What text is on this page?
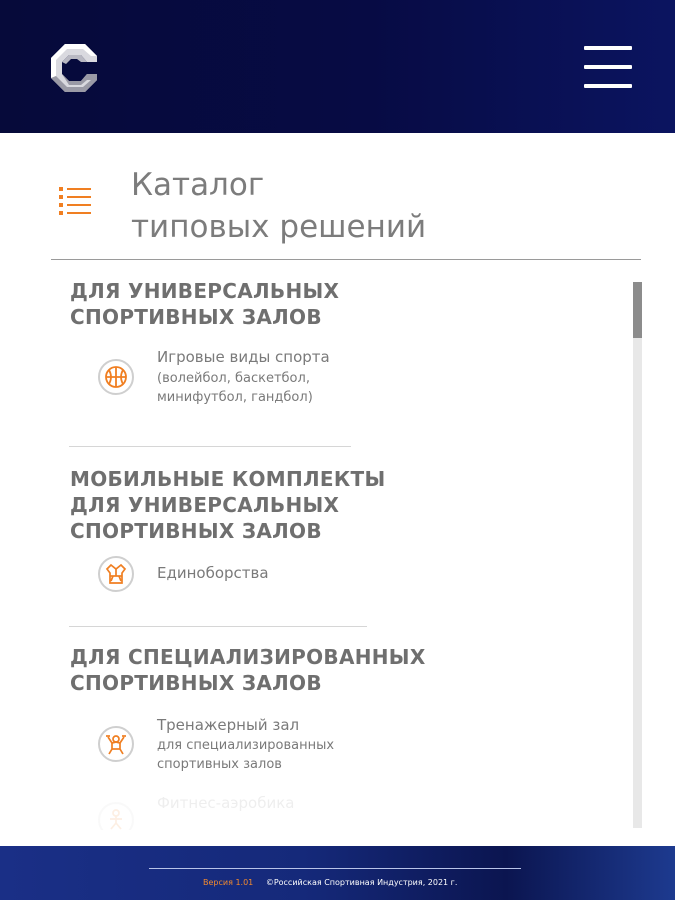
Каталог
типовых решений
ДЛЯ УНИВЕРСАЛЬНЫХ
СПОРТИВНЫХ ЗАЛОВ
Игровые виды спорта
(волейбол, баскетбол,
минифутбол, гандбол)
МОБИЛЬНЫЕ КОМПЛЕКТЫ
ДЛЯ УНИВЕРСАЛЬНЫХ
СПОРТИВНЫХ ЗАЛОВ
Единоборства
ДЛЯ СПЕЦИАЛИЗИРОВАННЫХ
СПОРТИВНЫХ ЗАЛОВ
Тренажерный зал
для специализированных
спортивных залов
Фитнес-аэробика
Версия 1.01 ©Российская Спортивная Индустрия, 2021 г.
